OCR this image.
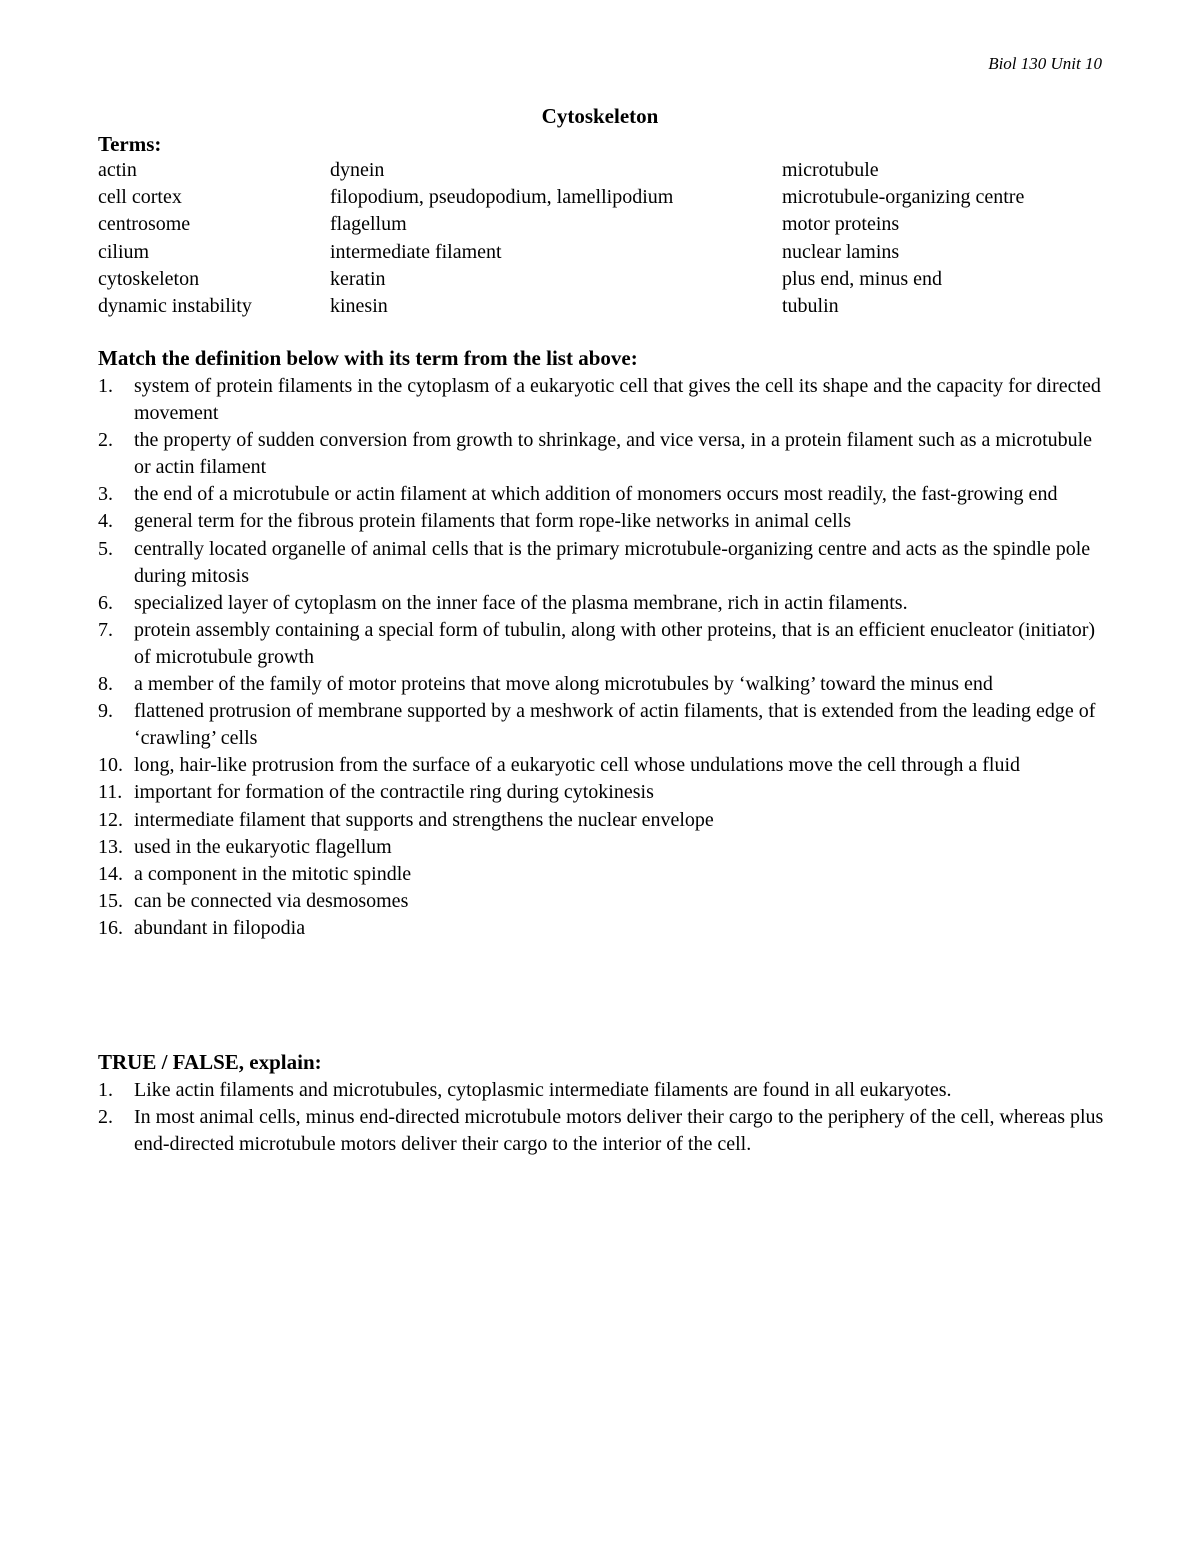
Biol 130 Unit 10
Cytoskeleton
Terms:
actin	dynein	microtubule
cell cortex	filopodium, pseudopodium, lamellipodium	microtubule-organizing centre
centrosome	flagellum	motor proteins
cilium	intermediate filament	nuclear lamins
cytoskeleton	keratin	plus end, minus end
dynamic instability	kinesin	tubulin
Match the definition below with its term from the list above:
1.	system of protein filaments in the cytoplasm of a eukaryotic cell that gives the cell its shape and the capacity for directed movement
2.	the property of sudden conversion from growth to shrinkage, and vice versa, in a protein filament such as a microtubule or actin filament
3.	the end of a microtubule or actin filament at which addition of monomers occurs most readily, the fast-growing end
4.	general term for the fibrous protein filaments that form rope-like networks in animal cells
5.	centrally located organelle of animal cells that is the primary microtubule-organizing centre and acts as the spindle pole during mitosis
6.	specialized layer of cytoplasm on the inner face of the plasma membrane, rich in actin filaments.
7.	protein assembly containing a special form of tubulin, along with other proteins, that is an efficient enucleator (initiator) of microtubule growth
8.	a member of the family of motor proteins that move along microtubules by ‘walking’ toward the minus end
9.	flattened protrusion of membrane supported by a meshwork of actin filaments, that is extended from the leading edge of ‘crawling’ cells
10. long, hair-like protrusion from the surface of a eukaryotic cell whose undulations move the cell through a fluid
11. important for formation of the contractile ring during cytokinesis
12. intermediate filament that supports and strengthens the nuclear envelope
13. used in the eukaryotic flagellum
14. a component in the mitotic spindle
15. can be connected via desmosomes
16. abundant in filopodia
TRUE / FALSE, explain:
1.	Like actin filaments and microtubules, cytoplasmic intermediate filaments are found in all eukaryotes.
2.	In most animal cells, minus end-directed microtubule motors deliver their cargo to the periphery of the cell, whereas plus end-directed microtubule motors deliver their cargo to the interior of the cell.
